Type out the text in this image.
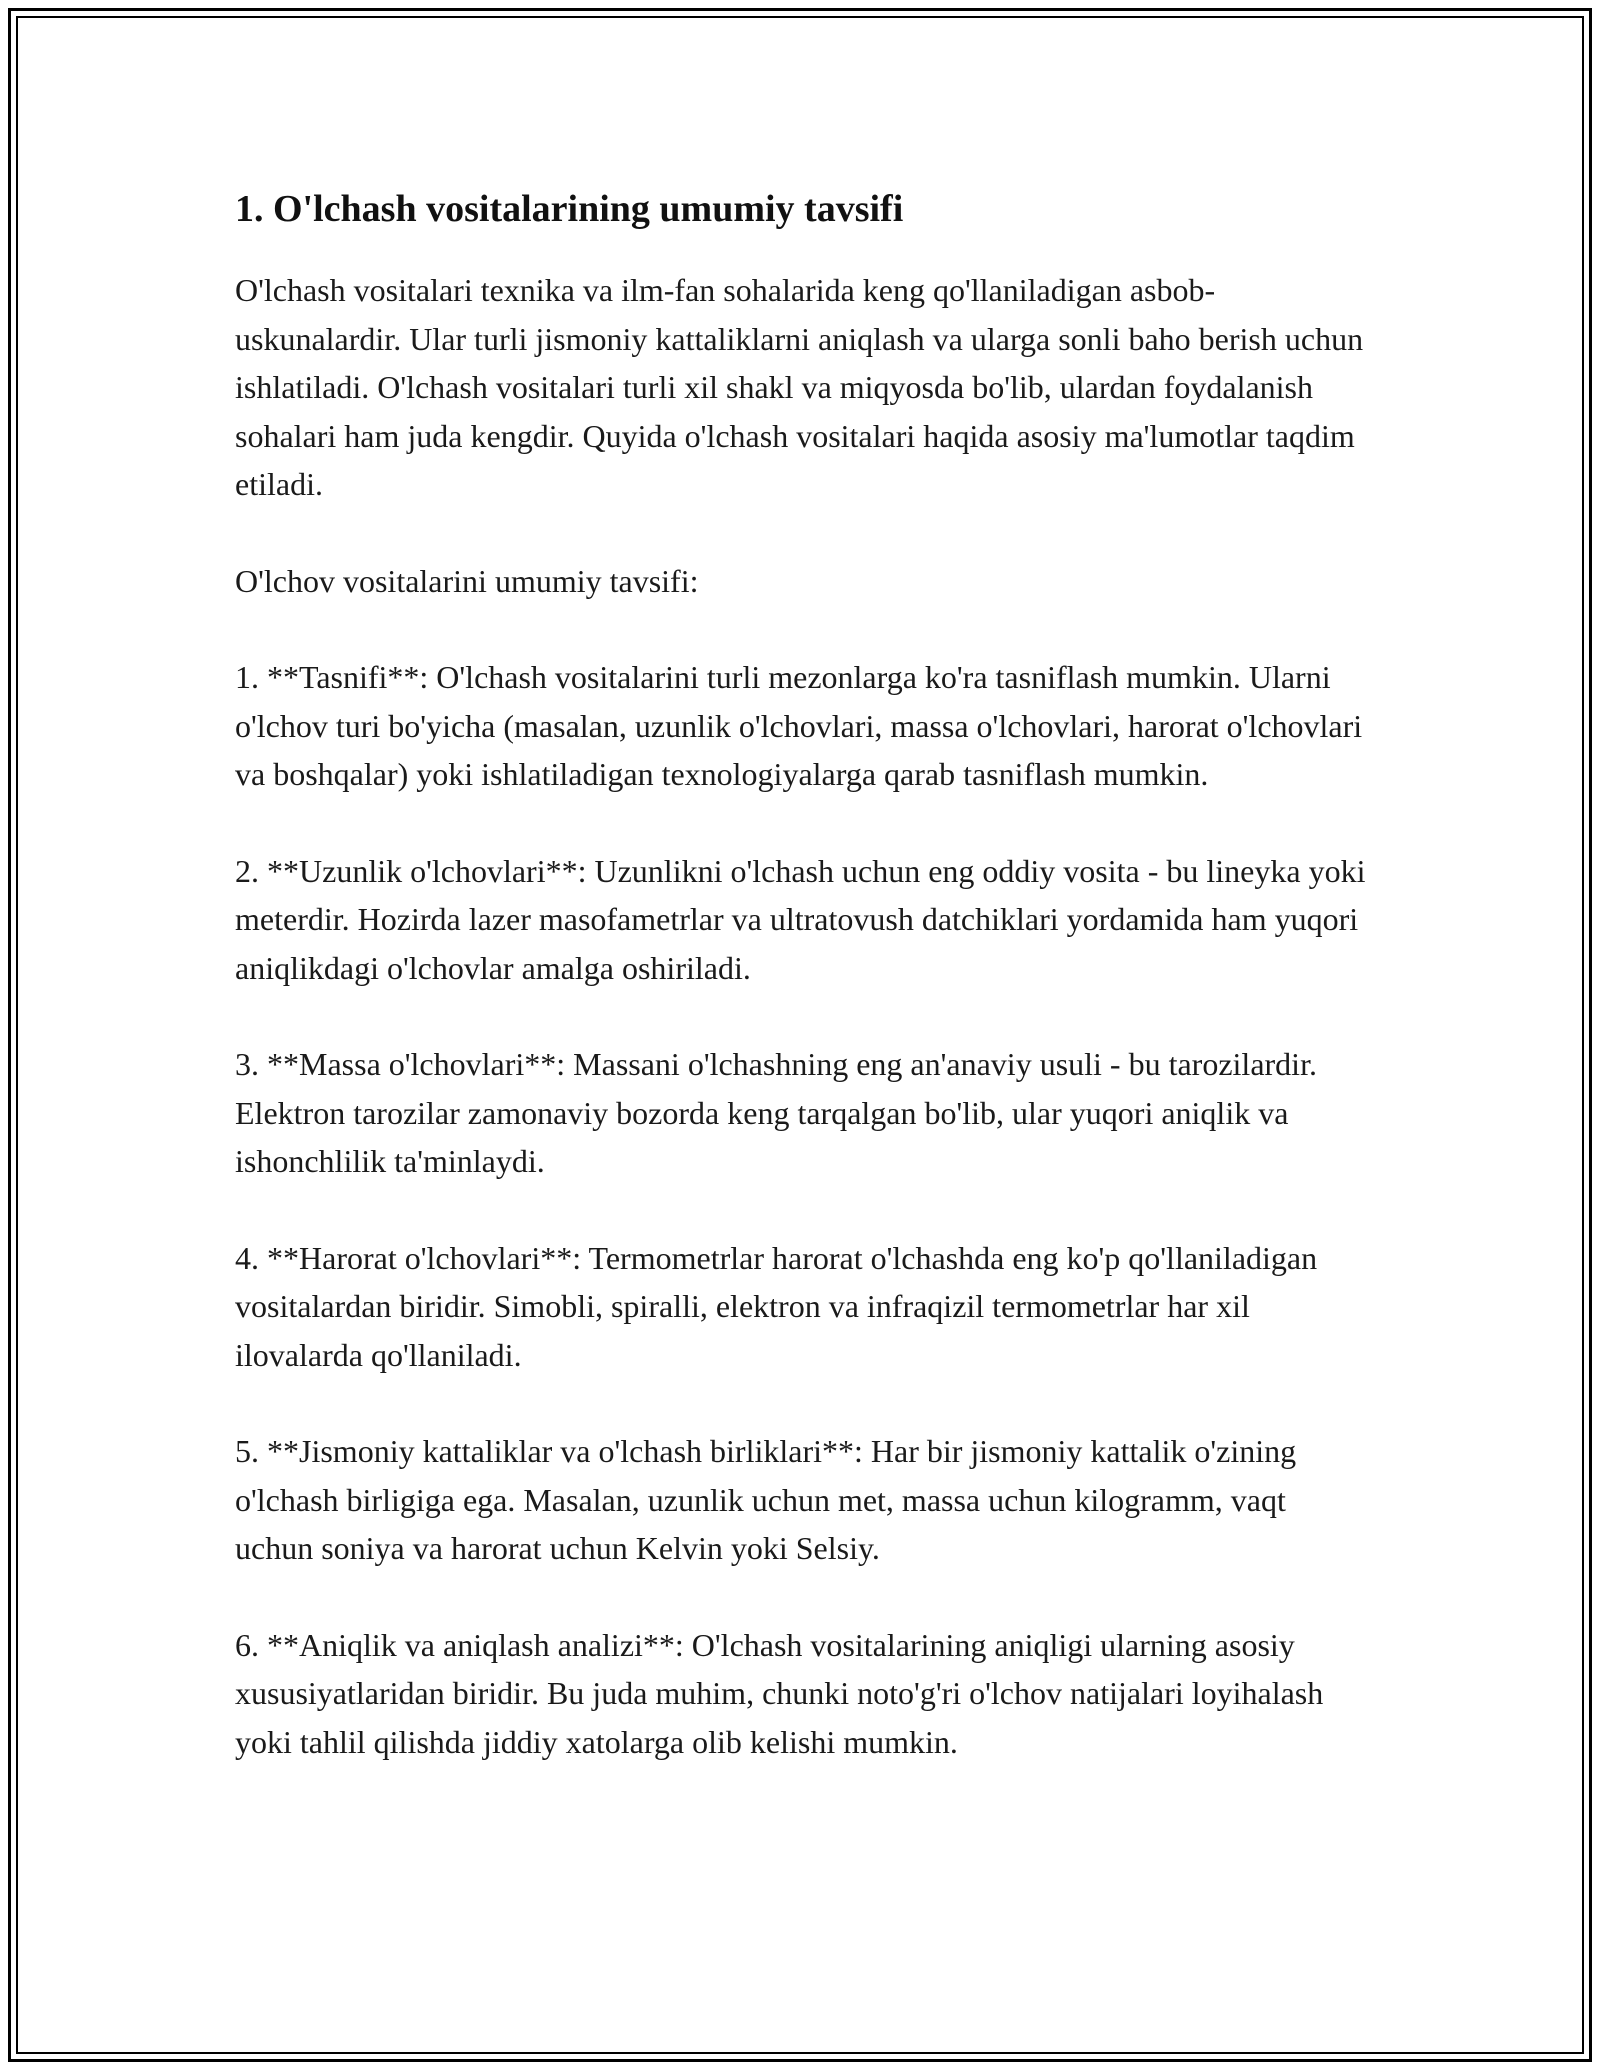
1. O'lchash vositalarining umumiy tavsifi

O'lchash vositalari texnika va ilm-fan sohalarida keng qo'llaniladigan asbob-uskunalardir. Ular turli jismoniy kattaliklarni aniqlash va ularga sonli baho berish uchun ishlatiladi. O'lchash vositalari turli xil shakl va miqyosda bo'lib, ulardan foydalanish sohalari ham juda kengdir. Quyida o'lchash vositalari haqida asosiy ma'lumotlar taqdim etiladi.

O'lchov vositalarini umumiy tavsifi:

1. **Tasnifi**: O'lchash vositalarini turli mezonlarga ko'ra tasniflash mumkin. Ularni o'lchov turi bo'yicha (masalan, uzunlik o'lchovlari, massa o'lchovlari, harorat o'lchovlari va boshqalar) yoki ishlatiladigan texnologiyalarga qarab tasniflash mumkin.

2. **Uzunlik o'lchovlari**: Uzunlikni o'lchash uchun eng oddiy vosita - bu lineyka yoki meterdir. Hozirda lazer masofametrlar va ultratovush datchiklari yordamida ham yuqori aniqlikdagi o'lchovlar amalga oshiriladi.

3. **Massa o'lchovlari**: Massani o'lchashning eng an'anaviy usuli - bu tarozilardir. Elektron tarozilar zamonaviy bozorda keng tarqalgan bo'lib, ular yuqori aniqlik va ishonchlilik ta'minlaydi.

4. **Harorat o'lchovlari**: Termometrlar harorat o'lchashda eng ko'p qo'llaniladigan vositalardan biridir. Simobli, spiralli, elektron va infraqizil termometrlar har xil ilovalarda qo'llaniladi.

5. **Jismoniy kattaliklar va o'lchash birliklari**: Har bir jismoniy kattalik o'zining o'lchash birligiga ega. Masalan, uzunlik uchun met, massa uchun kilogramm, vaqt uchun soniya va harorat uchun Kelvin yoki Selsiy.

6. **Aniqlik va aniqlash analizi**: O'lchash vositalarining aniqligi ularning asosiy xususiyatlaridan biridir. Bu juda muhim, chunki noto'g'ri o'lchov natijalari loyihalash yoki tahlil qilishda jiddiy xatolarga olib kelishi mumkin.
